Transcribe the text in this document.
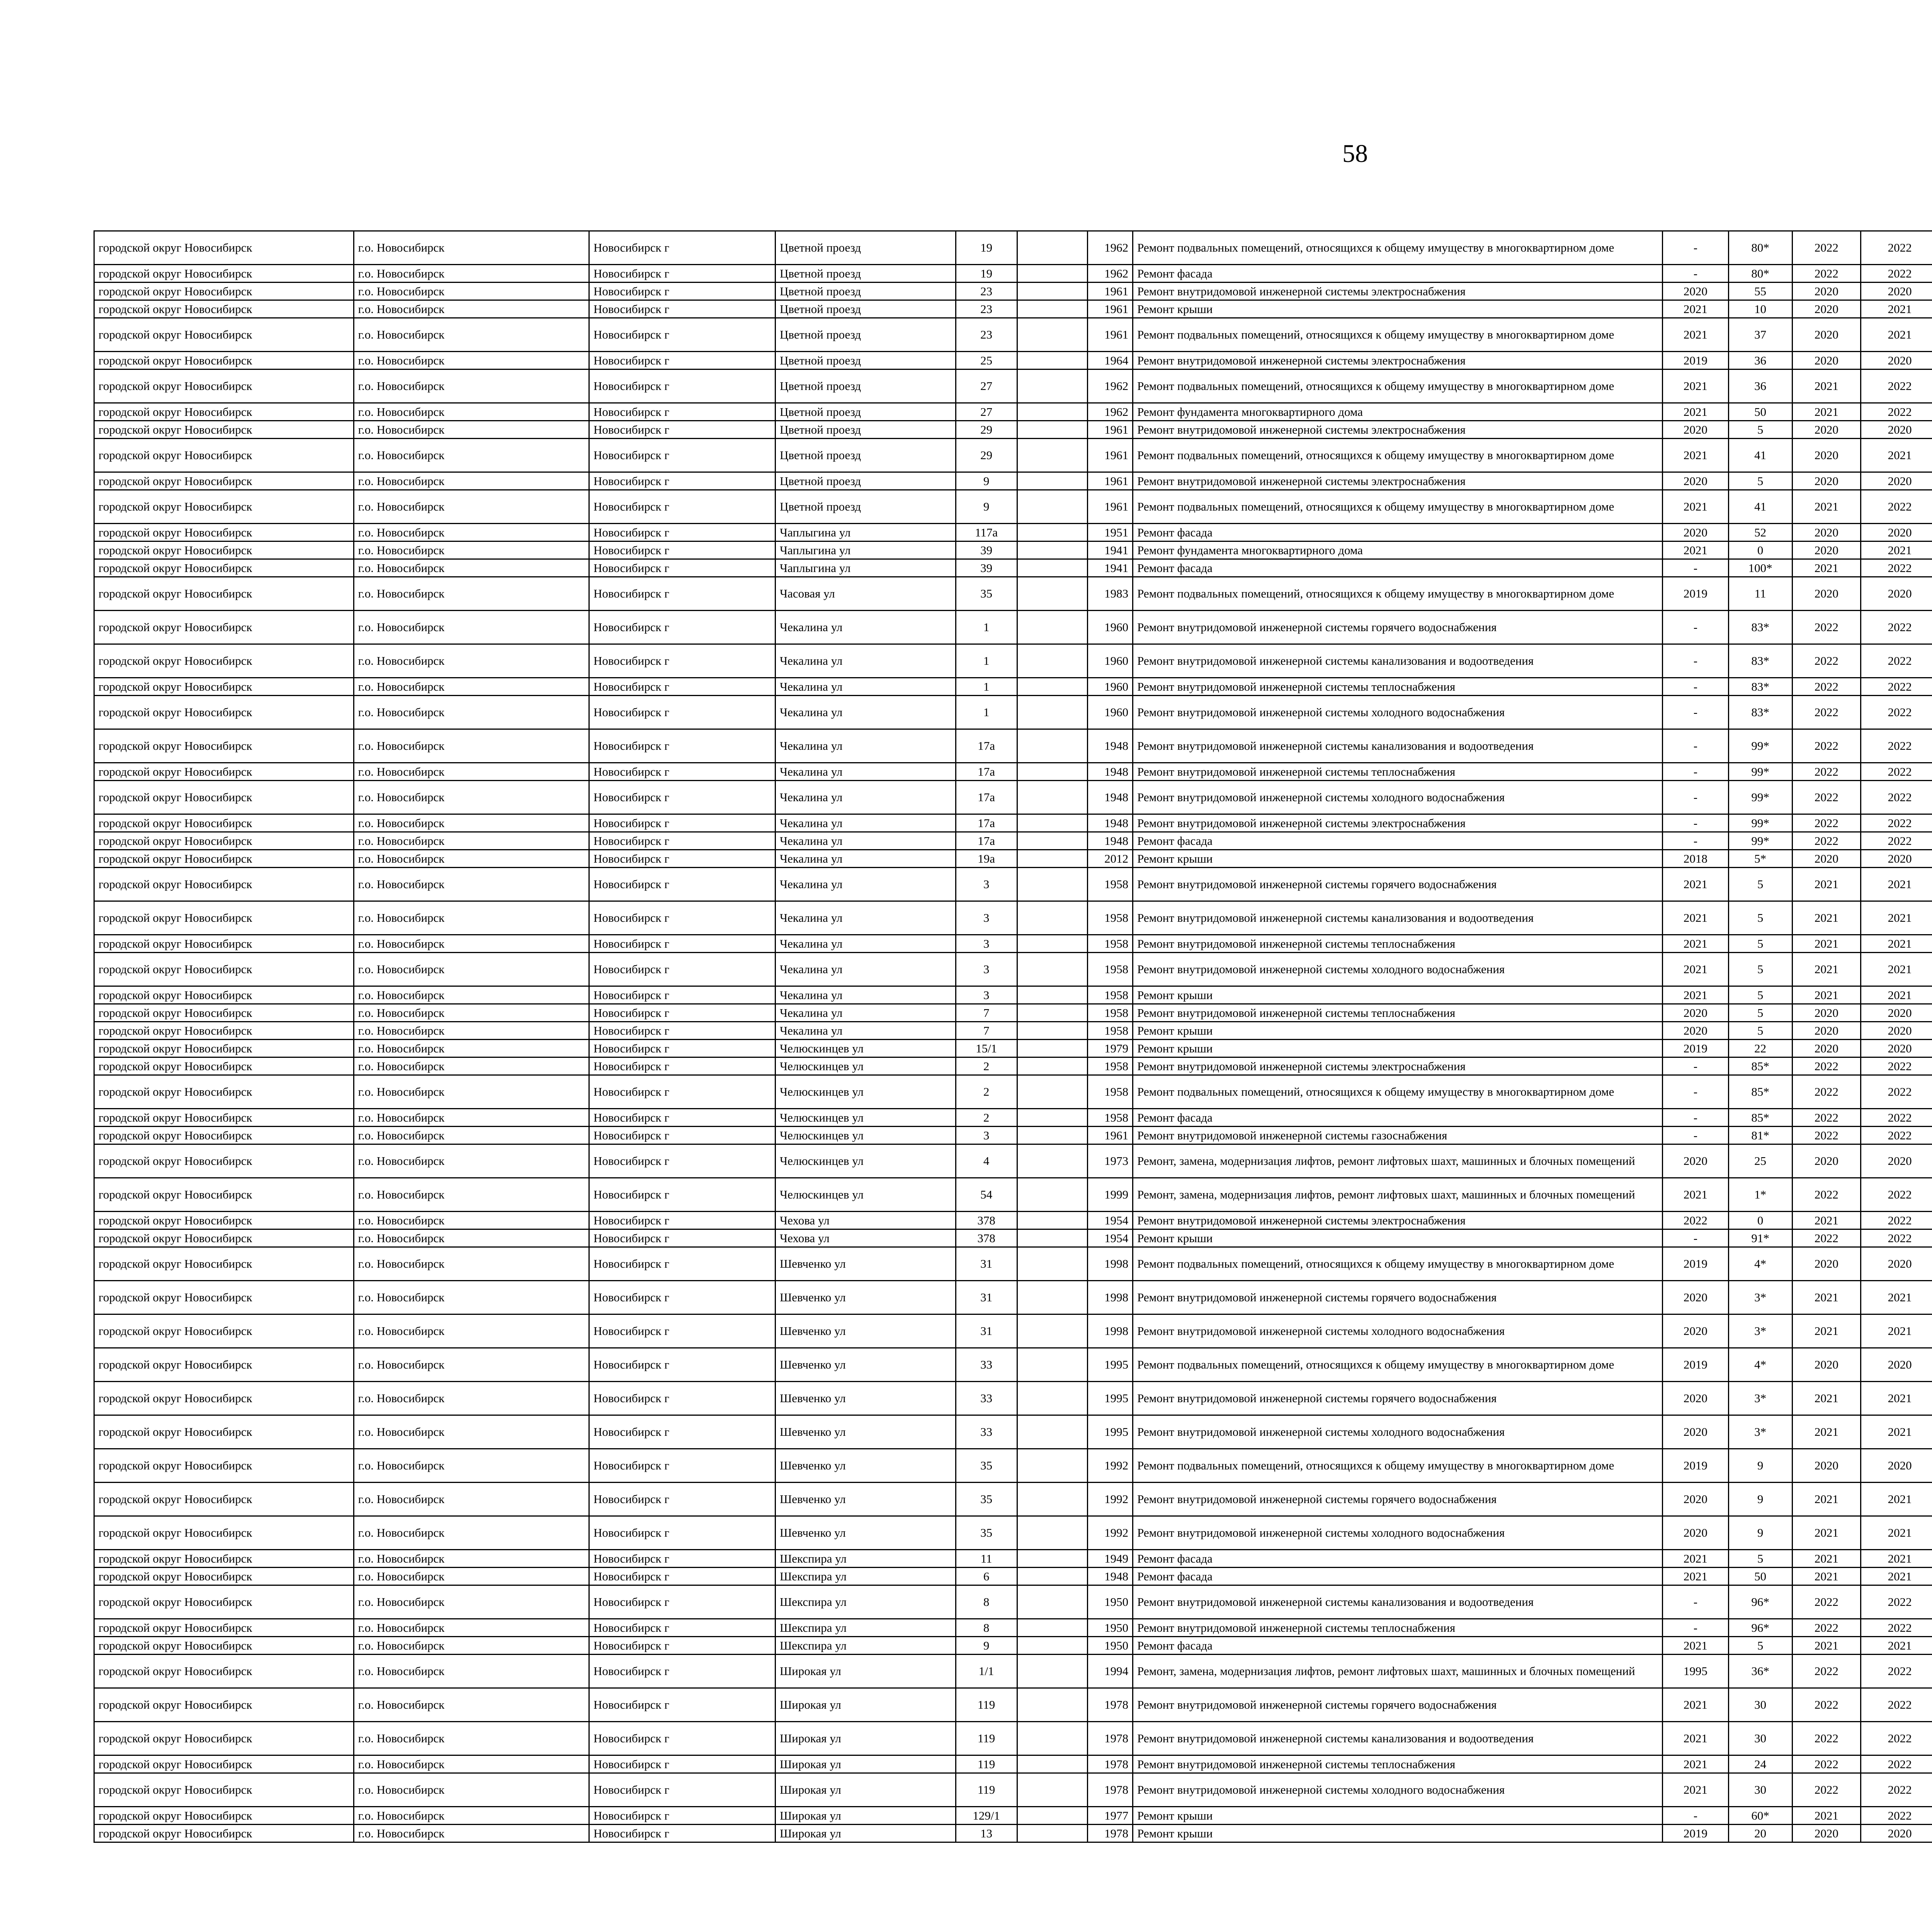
58
городской округ Новосибирск	г.о. Новосибирск	Новосибирск г	Цветной проезд	19		1962	Ремонт подвальных помещений, относящихся к общему имуществу в многоквартирном доме	-	80*	2022	2022					
городской округ Новосибирск	г.о. Новосибирск	Новосибирск г	Цветной проезд	19		1962	Ремонт фасада	-	80*	2022	2022					
городской округ Новосибирск	г.о. Новосибирск	Новосибирск г	Цветной проезд	23		1961	Ремонт внутридомовой инженерной системы электроснабжения	2020	55	2020	2020					
городской округ Новосибирск	г.о. Новосибирск	Новосибирск г	Цветной проезд	23		1961	Ремонт крыши	2021	10	2020	2021					
городской округ Новосибирск	г.о. Новосибирск	Новосибирск г	Цветной проезд	23		1961	Ремонт подвальных помещений, относящихся к общему имуществу в многоквартирном доме	2021	37	2020	2021					
городской округ Новосибирск	г.о. Новосибирск	Новосибирск г	Цветной проезд	25		1964	Ремонт внутридомовой инженерной системы электроснабжения	2019	36	2020	2020					
городской округ Новосибирск	г.о. Новосибирск	Новосибирск г	Цветной проезд	27		1962	Ремонт подвальных помещений, относящихся к общему имуществу в многоквартирном доме	2021	36	2021	2022					
городской округ Новосибирск	г.о. Новосибирск	Новосибирск г	Цветной проезд	27		1962	Ремонт фундамента многоквартирного дома	2021	50	2021	2022					
городской округ Новосибирск	г.о. Новосибирск	Новосибирск г	Цветной проезд	29		1961	Ремонт внутридомовой инженерной системы электроснабжения	2020	5	2020	2020					
городской округ Новосибирск	г.о. Новосибирск	Новосибирск г	Цветной проезд	29		1961	Ремонт подвальных помещений, относящихся к общему имуществу в многоквартирном доме	2021	41	2020	2021					
городской округ Новосибирск	г.о. Новосибирск	Новосибирск г	Цветной проезд	9		1961	Ремонт внутридомовой инженерной системы электроснабжения	2020	5	2020	2020					
городской округ Новосибирск	г.о. Новосибирск	Новосибирск г	Цветной проезд	9		1961	Ремонт подвальных помещений, относящихся к общему имуществу в многоквартирном доме	2021	41	2021	2022					
городской округ Новосибирск	г.о. Новосибирск	Новосибирск г	Чаплыгина ул	117а		1951	Ремонт фасада	2020	52	2020	2020					
городской округ Новосибирск	г.о. Новосибирск	Новосибирск г	Чаплыгина ул	39		1941	Ремонт фундамента многоквартирного дома	2021	0	2020	2021					
городской округ Новосибирск	г.о. Новосибирск	Новосибирск г	Чаплыгина ул	39		1941	Ремонт фасада	-	100*	2021	2022					
городской округ Новосибирск	г.о. Новосибирск	Новосибирск г	Часовая ул	35		1983	Ремонт подвальных помещений, относящихся к общему имуществу в многоквартирном доме	2019	11	2020	2020					
городской округ Новосибирск	г.о. Новосибирск	Новосибирск г	Чекалина ул	1		1960	Ремонт внутридомовой инженерной системы горячего водоснабжения	-	83*	2022	2022					
городской округ Новосибирск	г.о. Новосибирск	Новосибирск г	Чекалина ул	1		1960	Ремонт внутридомовой инженерной системы канализования и водоотведения	-	83*	2022	2022					
городской округ Новосибирск	г.о. Новосибирск	Новосибирск г	Чекалина ул	1		1960	Ремонт внутридомовой инженерной системы теплоснабжения	-	83*	2022	2022					
городской округ Новосибирск	г.о. Новосибирск	Новосибирск г	Чекалина ул	1		1960	Ремонт внутридомовой инженерной системы холодного водоснабжения	-	83*	2022	2022					
городской округ Новосибирск	г.о. Новосибирск	Новосибирск г	Чекалина ул	17а		1948	Ремонт внутридомовой инженерной системы канализования и водоотведения	-	99*	2022	2022					
городской округ Новосибирск	г.о. Новосибирск	Новосибирск г	Чекалина ул	17а		1948	Ремонт внутридомовой инженерной системы теплоснабжения	-	99*	2022	2022					
городской округ Новосибирск	г.о. Новосибирск	Новосибирск г	Чекалина ул	17а		1948	Ремонт внутридомовой инженерной системы холодного водоснабжения	-	99*	2022	2022					
городской округ Новосибирск	г.о. Новосибирск	Новосибирск г	Чекалина ул	17а		1948	Ремонт внутридомовой инженерной системы электроснабжения	-	99*	2022	2022					
городской округ Новосибирск	г.о. Новосибирск	Новосибирск г	Чекалина ул	17а		1948	Ремонт фасада	-	99*	2022	2022					
городской округ Новосибирск	г.о. Новосибирск	Новосибирск г	Чекалина ул	19а		2012	Ремонт крыши	2018	5*	2020	2020					
городской округ Новосибирск	г.о. Новосибирск	Новосибирск г	Чекалина ул	3		1958	Ремонт внутридомовой инженерной системы горячего водоснабжения	2021	5	2021	2021					
городской округ Новосибирск	г.о. Новосибирск	Новосибирск г	Чекалина ул	3		1958	Ремонт внутридомовой инженерной системы канализования и водоотведения	2021	5	2021	2021					
городской округ Новосибирск	г.о. Новосибирск	Новосибирск г	Чекалина ул	3		1958	Ремонт внутридомовой инженерной системы теплоснабжения	2021	5	2021	2021					
городской округ Новосибирск	г.о. Новосибирск	Новосибирск г	Чекалина ул	3		1958	Ремонт внутридомовой инженерной системы холодного водоснабжения	2021	5	2021	2021					
городской округ Новосибирск	г.о. Новосибирск	Новосибирск г	Чекалина ул	3		1958	Ремонт крыши	2021	5	2021	2021					
городской округ Новосибирск	г.о. Новосибирск	Новосибирск г	Чекалина ул	7		1958	Ремонт внутридомовой инженерной системы теплоснабжения	2020	5	2020	2020					
городской округ Новосибирск	г.о. Новосибирск	Новосибирск г	Чекалина ул	7		1958	Ремонт крыши	2020	5	2020	2020					
городской округ Новосибирск	г.о. Новосибирск	Новосибирск г	Челюскинцев ул	15/1		1979	Ремонт крыши	2019	22	2020	2020					
городской округ Новосибирск	г.о. Новосибирск	Новосибирск г	Челюскинцев ул	2		1958	Ремонт внутридомовой инженерной системы электроснабжения	-	85*	2022	2022					
городской округ Новосибирск	г.о. Новосибирск	Новосибирск г	Челюскинцев ул	2		1958	Ремонт подвальных помещений, относящихся к общему имуществу в многоквартирном доме	-	85*	2022	2022					
городской округ Новосибирск	г.о. Новосибирск	Новосибирск г	Челюскинцев ул	2		1958	Ремонт фасада	-	85*	2022	2022					
городской округ Новосибирск	г.о. Новосибирск	Новосибирск г	Челюскинцев ул	3		1961	Ремонт внутридомовой инженерной системы газоснабжения	-	81*	2022	2022					
городской округ Новосибирск	г.о. Новосибирск	Новосибирск г	Челюскинцев ул	4		1973	Ремонт, замена, модернизация лифтов, ремонт лифтовых шахт, машинных и блочных помещений	2020	25	2020	2020					
городской округ Новосибирск	г.о. Новосибирск	Новосибирск г	Челюскинцев ул	54		1999	Ремонт, замена, модернизация лифтов, ремонт лифтовых шахт, машинных и блочных помещений	2021	1*	2022	2022					
городской округ Новосибирск	г.о. Новосибирск	Новосибирск г	Чехова ул	378		1954	Ремонт внутридомовой инженерной системы электроснабжения	2022	0	2021	2022					
городской округ Новосибирск	г.о. Новосибирск	Новосибирск г	Чехова ул	378		1954	Ремонт крыши	-	91*	2022	2022					
городской округ Новосибирск	г.о. Новосибирск	Новосибирск г	Шевченко ул	31		1998	Ремонт подвальных помещений, относящихся к общему имуществу в многоквартирном доме	2019	4*	2020	2020					
городской округ Новосибирск	г.о. Новосибирск	Новосибирск г	Шевченко ул	31		1998	Ремонт внутридомовой инженерной системы горячего водоснабжения	2020	3*	2021	2021					
городской округ Новосибирск	г.о. Новосибирск	Новосибирск г	Шевченко ул	31		1998	Ремонт внутридомовой инженерной системы холодного водоснабжения	2020	3*	2021	2021					
городской округ Новосибирск	г.о. Новосибирск	Новосибирск г	Шевченко ул	33		1995	Ремонт подвальных помещений, относящихся к общему имуществу в многоквартирном доме	2019	4*	2020	2020					
городской округ Новосибирск	г.о. Новосибирск	Новосибирск г	Шевченко ул	33		1995	Ремонт внутридомовой инженерной системы горячего водоснабжения	2020	3*	2021	2021					
городской округ Новосибирск	г.о. Новосибирск	Новосибирск г	Шевченко ул	33		1995	Ремонт внутридомовой инженерной системы холодного водоснабжения	2020	3*	2021	2021					
городской округ Новосибирск	г.о. Новосибирск	Новосибирск г	Шевченко ул	35		1992	Ремонт подвальных помещений, относящихся к общему имуществу в многоквартирном доме	2019	9	2020	2020					
городской округ Новосибирск	г.о. Новосибирск	Новосибирск г	Шевченко ул	35		1992	Ремонт внутридомовой инженерной системы горячего водоснабжения	2020	9	2021	2021					
городской округ Новосибирск	г.о. Новосибирск	Новосибирск г	Шевченко ул	35		1992	Ремонт внутридомовой инженерной системы холодного водоснабжения	2020	9	2021	2021					
городской округ Новосибирск	г.о. Новосибирск	Новосибирск г	Шекспира ул	11		1949	Ремонт фасада	2021	5	2021	2021					
городской округ Новосибирск	г.о. Новосибирск	Новосибирск г	Шекспира ул	6		1948	Ремонт фасада	2021	50	2021	2021					
городской округ Новосибирск	г.о. Новосибирск	Новосибирск г	Шекспира ул	8		1950	Ремонт внутридомовой инженерной системы канализования и водоотведения	-	96*	2022	2022					
городской округ Новосибирск	г.о. Новосибирск	Новосибирск г	Шекспира ул	8		1950	Ремонт внутридомовой инженерной системы теплоснабжения	-	96*	2022	2022					
городской округ Новосибирск	г.о. Новосибирск	Новосибирск г	Шекспира ул	9		1950	Ремонт фасада	2021	5	2021	2021					
городской округ Новосибирск	г.о. Новосибирск	Новосибирск г	Широкая ул	1/1		1994	Ремонт, замена, модернизация лифтов, ремонт лифтовых шахт, машинных и блочных помещений	1995	36*	2022	2022					
городской округ Новосибирск	г.о. Новосибирск	Новосибирск г	Широкая ул	119		1978	Ремонт внутридомовой инженерной системы горячего водоснабжения	2021	30	2022	2022					
городской округ Новосибирск	г.о. Новосибирск	Новосибирск г	Широкая ул	119		1978	Ремонт внутридомовой инженерной системы канализования и водоотведения	2021	30	2022	2022					
городской округ Новосибирск	г.о. Новосибирск	Новосибирск г	Широкая ул	119		1978	Ремонт внутридомовой инженерной системы теплоснабжения	2021	24	2022	2022					
городской округ Новосибирск	г.о. Новосибирск	Новосибирск г	Широкая ул	119		1978	Ремонт внутридомовой инженерной системы холодного водоснабжения	2021	30	2022	2022					
городской округ Новосибирск	г.о. Новосибирск	Новосибирск г	Широкая ул	129/1		1977	Ремонт крыши	-	60*	2021	2022					
городской округ Новосибирск	г.о. Новосибирск	Новосибирск г	Широкая ул	13		1978	Ремонт крыши	2019	20	2020	2020					
